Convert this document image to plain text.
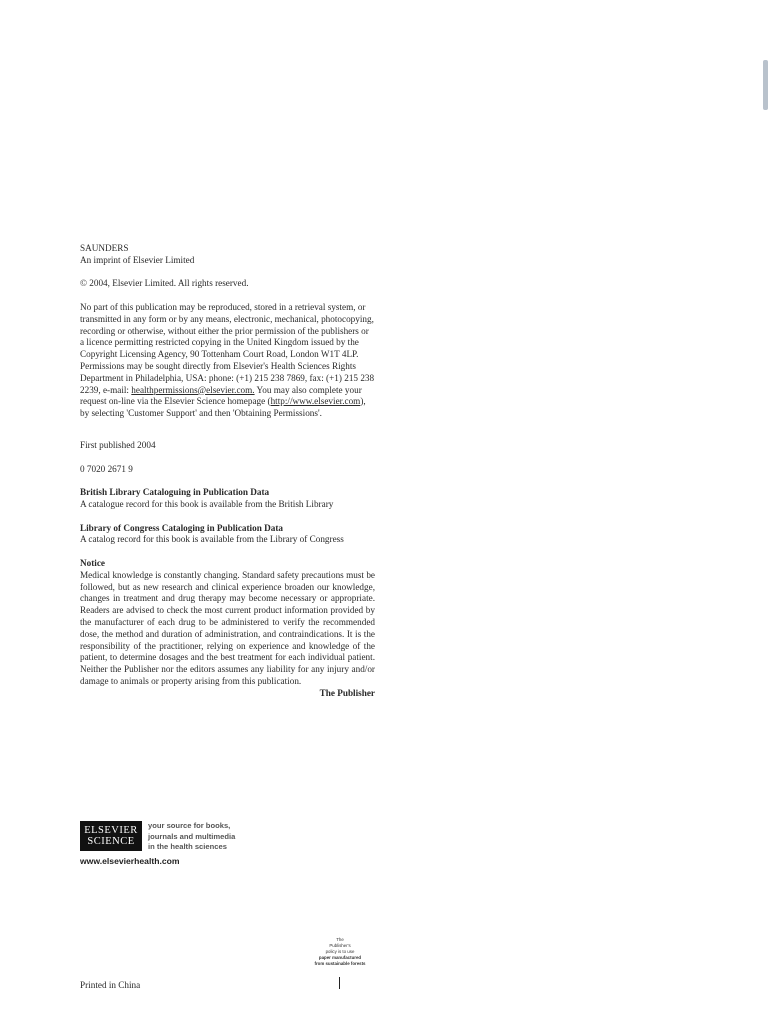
SAUNDERS

An imprint of Elsevier Limited

© 2004, Elsevier Limited. All rights reserved.

No part of this publication may be reproduced, stored in a retrieval system, or transmitted in any form or by any means, electronic, mechanical, photocopying, recording or otherwise, without either the prior permission of the publishers or a licence permitting restricted copying in the United Kingdom issued by the Copyright Licensing Agency, 90 Tottenham Court Road, London W1T 4LP. Permissions may be sought directly from Elsevier's Health Sciences Rights Department in Philadelphia, USA: phone: (+1) 215 238 7869, fax: (+1) 215 238 2239, e-mail: healthpermissions@elsevier.com. You may also complete your request on-line via the Elsevier Science homepage (http://www.elsevier.com), by selecting 'Customer Support' and then 'Obtaining Permissions'.

First published 2004

0 7020 2671 9

British Library Cataloguing in Publication Data

A catalogue record for this book is available from the British Library

Library of Congress Cataloging in Publication Data

A catalog record for this book is available from the Library of Congress

Notice

Medical knowledge is constantly changing. Standard safety precautions must be followed, but as new research and clinical experience broaden our knowledge, changes in treatment and drug therapy may become necessary or appropriate. Readers are advised to check the most current product information provided by the manufacturer of each drug to be administered to verify the recommended dose, the method and duration of administration, and contraindications. It is the responsibility of the practitioner, relying on experience and knowledge of the patient, to determine dosages and the best treatment for each individual patient. Neither the Publisher nor the editors assumes any liability for any injury and/or damage to animals or property arising from this publication.

The Publisher

ELSEVIER
SCIENCE
your source for books,
journals and multimedia
in the health sciences
www.elsevierhealth.com
The
Publisher's
policy is to use
paper manufactured
from sustainable forests
Printed in China
